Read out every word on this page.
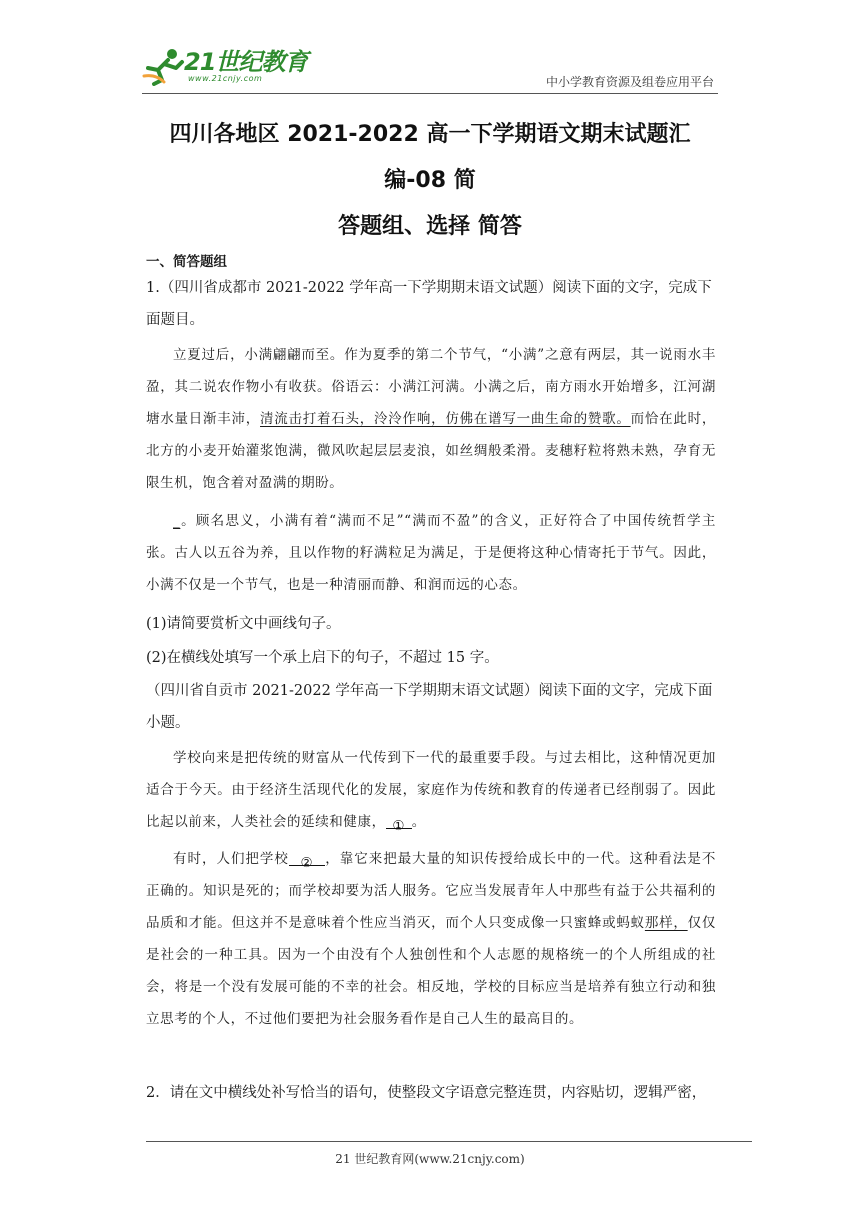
21世纪教育
www.21cnjy.com	中小学教育资源及组卷应用平台
四川各地区 2021-2022 高一下学期语文期末试题汇编-08 简
答题组、选择 简答
一、简答题组
1.（四川省成都市 2021-2022 学年高一下学期期末语文试题）阅读下面的文字，完成下
面题目。

立夏过后，小满翩翩而至。作为夏季的第二个节气，“小满”之意有两层，其一说雨水丰盈，其二说农作物小有收获。俗语云：小满江河满。小满之后，南方雨水开始增多，江河湖塘水量日渐丰沛，清流击打着石头，泠泠作响，仿佛在谱写一曲生命的赞歌。而恰在此时，北方的小麦开始灌浆饱满，微风吹起层层麦浪，如丝绸般柔滑。麦穗籽粒将熟未熟，孕育无限生机，饱含着对盈满的期盼。

_。顾名思义，小满有着“满而不足”“满而不盈”的含义，正好符合了中国传统哲学主张。古人以五谷为养，且以作物的籽满粒足为满足，于是便将这种心情寄托于节气。因此，小满不仅是一个节气，也是一种清丽而静、和润而远的心态。

(1)请简要赏析文中画线句子。
(2)在横线处填写一个承上启下的句子，不超过 15 字。
（四川省自贡市 2021-2022 学年高一下学期期末语文试题）阅读下面的文字，完成下面
小题。

学校向来是把传统的财富从一代传到下一代的最重要手段。与过去相比，这种情况更加适合于今天。由于经济生活现代化的发展，家庭作为传统和教育的传递者已经削弱了。因此比起以前来，人类社会的延续和健康， ① 。

有时，人们把学校 ② ，靠它来把最大量的知识传授给成长中的一代。这种看法是不正确的。知识是死的；而学校却要为活人服务。它应当发展青年人中那些有益于公共福利的品质和才能。但这并不是意味着个性应当消灭，而个人只变成像一只蜜蜂或蚂蚁那样，仅仅是社会的一种工具。因为一个由没有个人独创性和个人志愿的规格统一的个人所组成的社会，将是一个没有发展可能的不幸的社会。相反地，学校的目标应当是培养有独立行动和独立思考的个人，不过他们要把为社会服务看作是自己人生的最高目的。

2．请在文中横线处补写恰当的语句，使整段文字语意完整连贯，内容贴切，逻辑严密，
21 世纪教育网(www.21cnjy.com)
